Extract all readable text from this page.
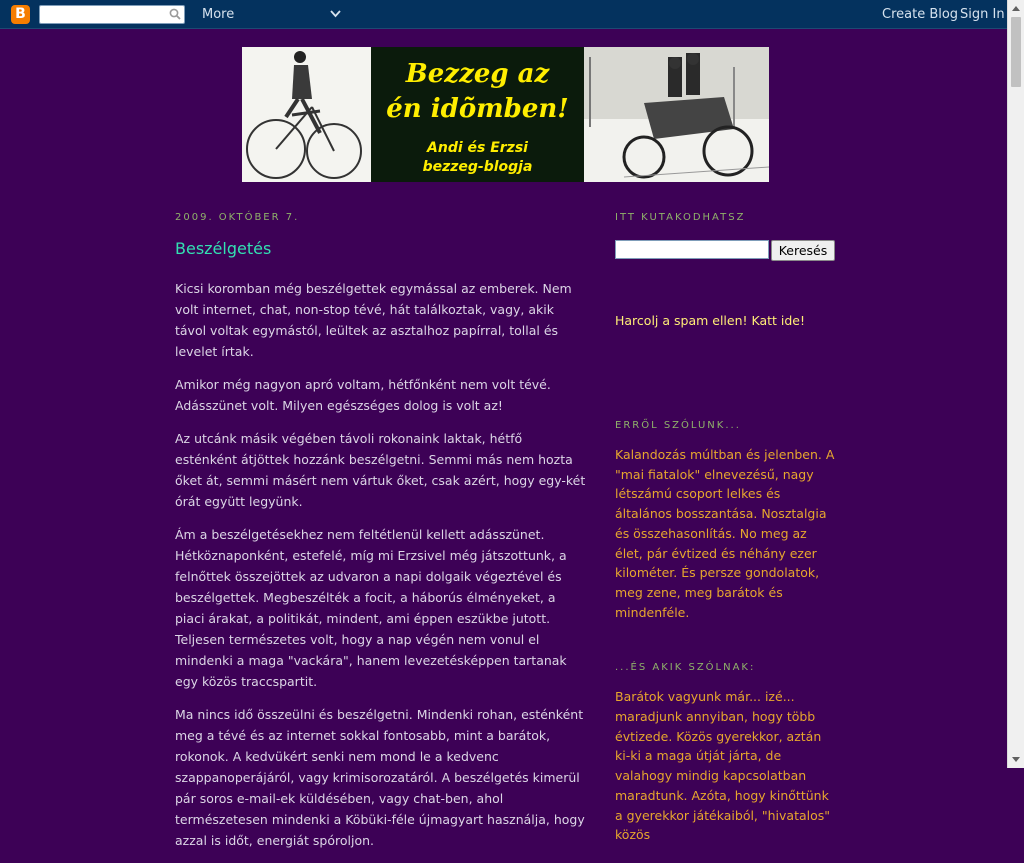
B	More	Create Blog Sign In
Bezzeg az
én idõmben!
Andi és Erzsi
bezzeg-blogja
2009. OKTÓBER 7.
Beszélgetés

Kicsi koromban még beszélgettek egymással az emberek. Nem volt internet, chat, non-stop tévé, hát találkoztak, vagy, akik távol voltak egymástól, leültek az asztalhoz papírral, tollal és levelet írtak.

Amikor még nagyon apró voltam, hétfőnként nem volt tévé. Adásszünet volt. Milyen egészséges dolog is volt az!

Az utcánk másik végében távoli rokonaink laktak, hétfő esténként átjöttek hozzánk beszélgetni. Semmi más nem hozta őket át, semmi másért nem vártuk őket, csak azért, hogy egy-két órát együtt legyünk.

Ám a beszélgetésekhez nem feltétlenül kellett adásszünet. Hétköznaponként, estefelé, míg mi Erzsivel még játszottunk, a felnőttek összejöttek az udvaron a napi dolgaik végeztével és beszélgettek. Megbeszélték a focit, a háborús élményeket, a piaci árakat, a politikát, mindent, ami éppen eszükbe jutott. Teljesen természetes volt, hogy a nap végén nem vonul el mindenki a maga "vackára", hanem levezetésképpen tartanak egy közös traccspartit.

Ma nincs idő összeülni és beszélgetni. Mindenki rohan, esténként meg a tévé és az internet sokkal fontosabb, mint a barátok, rokonok. A kedvükért senki nem mond le a kedvenc szappanoperájáról, vagy krimisorozatáról. A beszélgetés kimerül pár soros e-mail-ek küldésében, vagy chat-ben, ahol természetesen mindenki a Köbüki-féle újmagyart használja, hogy azzal is időt, energiát spóroljon.

ITT KUTAKODHATSZ
Keresés
Harcolj a spam ellen! Katt ide!
ERRŐL SZÓLUNK...

Kalandozás múltban és jelenben. A "mai fiatalok" elnevezésű, nagy létszámú csoport lelkes és általános bosszantása. Nosztalgia és összehasonlítás. No meg az élet, pár évtized és néhány ezer kilométer. És persze gondolatok, meg zene, meg barátok és mindenféle.

...ÉS AKIK SZÓLNAK:

Barátok vagyunk már... izé... maradjunk annyiban, hogy több évtizede. Közös gyerekkor, aztán ki-ki a maga útját járta, de valahogy mindig kapcsolatban maradtunk. Azóta, hogy kinőttünk a gyerekkor játékaiból, "hivatalos" közös
